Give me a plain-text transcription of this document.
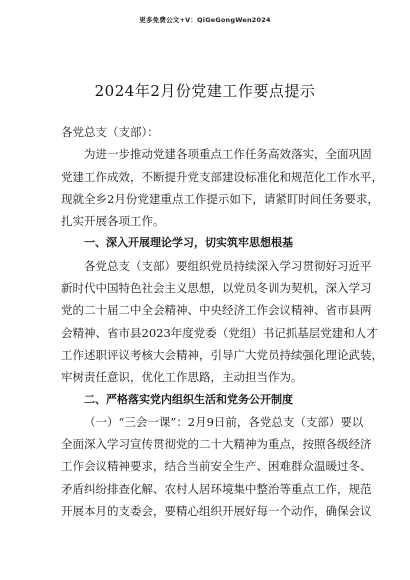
更多免费公文+V：QiGeGongWen2024
2024年2月份党建工作要点提示
各党总支（支部）：
为进一步推动党建各项重点工作任务高效落实，全面巩固
党建工作成效，不断提升党支部建设标准化和规范化工作水平，
现就全乡2月份党建重点工作提示如下，请紧盯时间任务要求，
扎实开展各项工作。
一、深入开展理论学习，切实筑牢思想根基
各党总支（支部）要组织党员持续深入学习贯彻好习近平
新时代中国特色社会主义思想，以党员冬训为契机，深入学习
党的二十届二中全会精神、中央经济工作会议精神、省市县两
会精神、省市县2023年度党委（党组）书记抓基层党建和人才
工作述职评议考核大会精神，引导广大党员持续强化理论武装，
牢树责任意识，优化工作思路，主动担当作为。
二、严格落实党内组织生活和党务公开制度
（一）“三会一课”：2月9日前，各党总支（支部）要以
全面深入学习宣传贯彻党的二十大精神为重点，按照各级经济
工作会议精神要求，结合当前安全生产、困难群众温暖过冬、
矛盾纠纷排查化解、农村人居环境集中整治等重点工作，规范
开展本月的支委会，要精心组织开展好每一个动作，确保会议
